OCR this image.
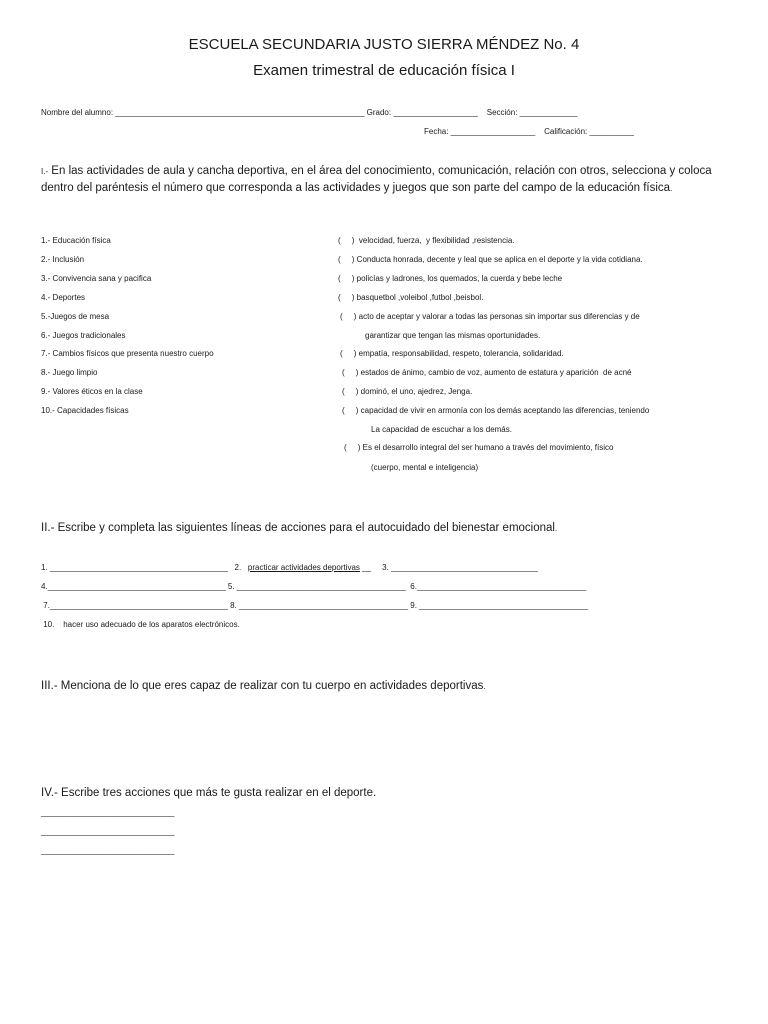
ESCUELA SECUNDARIA JUSTO SIERRA MÉNDEZ No. 4
Examen trimestral de educación física I
Nombre del alumno: ________________________________________________________ Grado: ___________________    Sección: _____________
Fecha: ___________________    Calificación: __________
I.- En las actividades de aula y cancha deportiva, en el área del conocimiento, comunicación, relación con otros, selecciona y coloca dentro del paréntesis el número que corresponda a las actividades y juegos que son parte del campo de la educación física.
1.- Educación física
2.- Inclusión
3.- Convivencia sana y pacifica
4.- Deportes
5.-Juegos de mesa
6.- Juegos tradicionales
7.- Cambios físicos que presenta nuestro cuerpo
8.- Juego limpio
9.- Valores éticos en la clase
10.- Capacidades físicas
(     )  velocidad, fuerza,  y flexibilidad ,resistencia.
(     ) Conducta honrada, decente y leal que se aplica en el deporte y la vida cotidiana.
(     ) policías y ladrones, los quemados, la cuerda y bebe leche
(     ) basquetbol ,voleibol ,futbol ,beisbol.
(     ) acto de aceptar y valorar a todas las personas sin importar sus diferencias y de
garantizar que tengan las mismas oportunidades.
(     ) empatía, responsabilidad, respeto, tolerancia, solidaridad.
(     ) estados de ánimo, cambio de voz, aumento de estatura y aparición  de acné
(     ) dominó, el uno, ajedrez, Jenga.
(     ) capacidad de vivir en armonía con los demás aceptando las diferencias, teniendo
La capacidad de escuchar a los demás.
(     ) Es el desarrollo integral del ser humano a través del movimiento, físico
(cuerpo, mental e inteligencia)
II.- Escribe y completa las siguientes líneas de acciones para el autocuidado del bienestar emocional.
1. ________________________________________   2. practicar actividades deportivas __     3. _________________________________
4.________________________________________ 5. ______________________________________  6.______________________________________
7.________________________________________ 8. ______________________________________ 9. ______________________________________
10.    hacer uso adecuado de los aparatos electrónicos.
III.- Menciona de lo que eres capaz de realizar con tu cuerpo en actividades deportivas.
IV.- Escribe tres acciones que más te gusta realizar en el deporte.
______________________________
______________________________
______________________________
